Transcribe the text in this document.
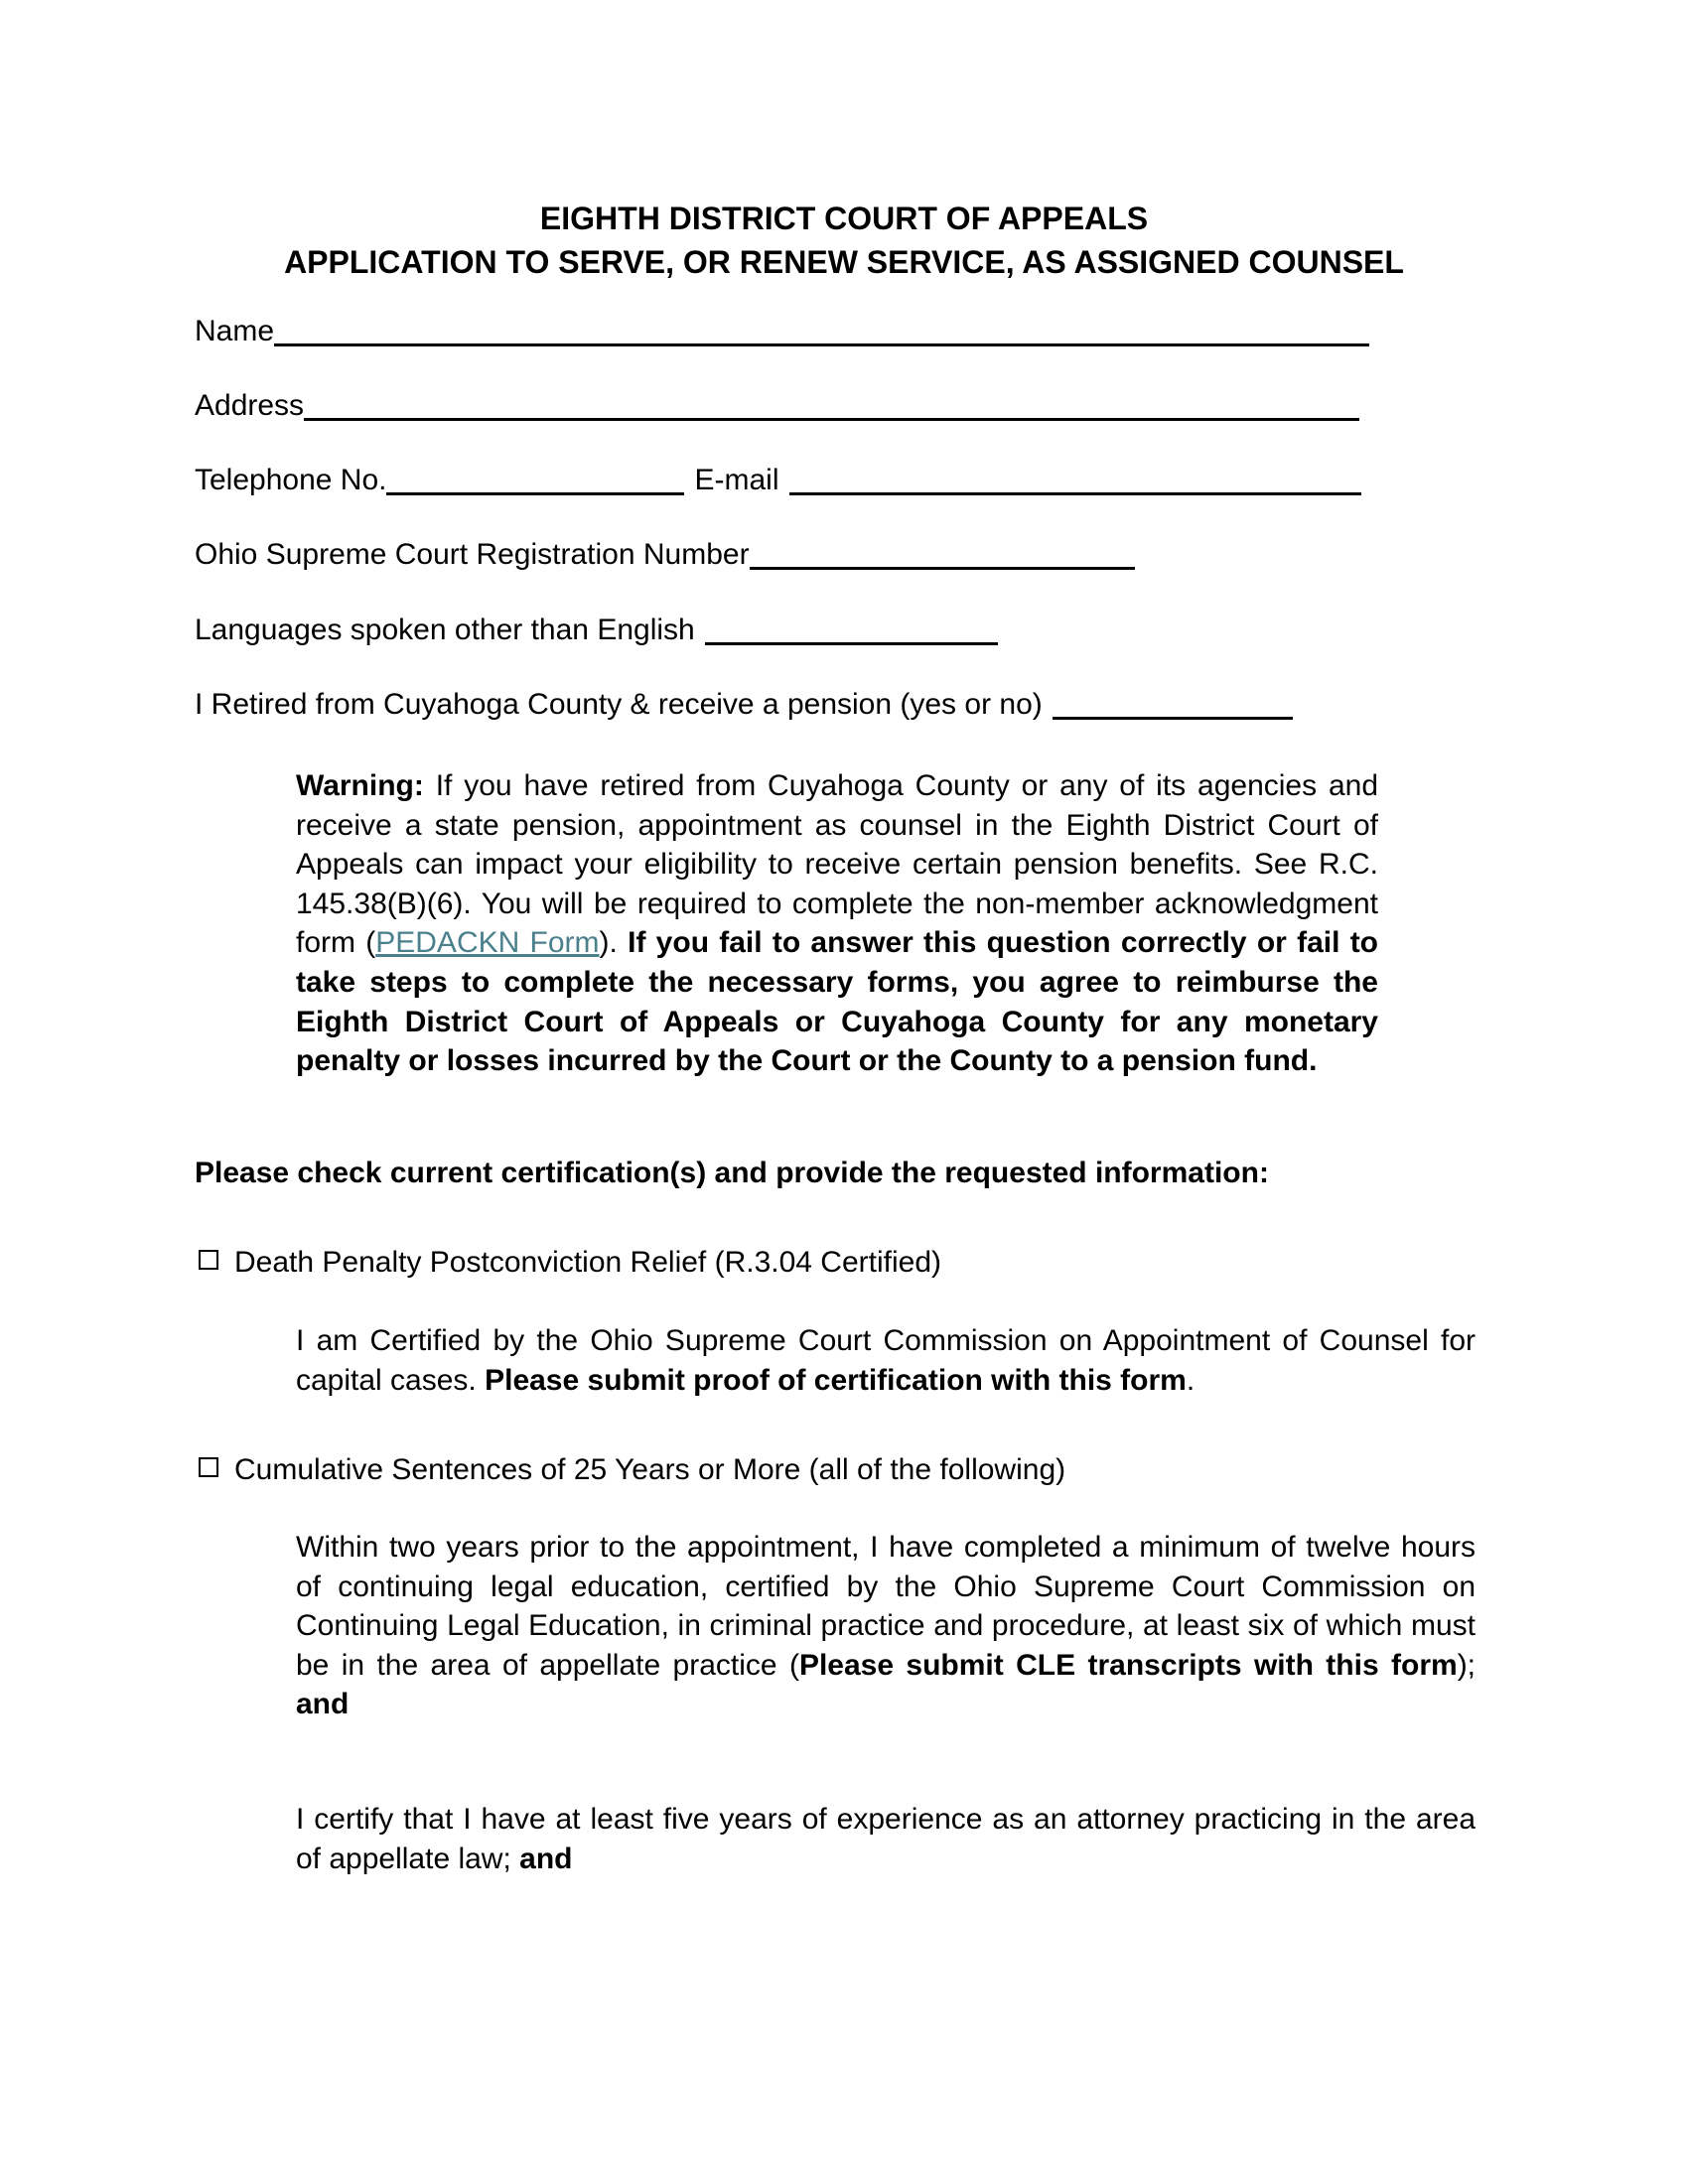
EIGHTH DISTRICT COURT OF APPEALS
APPLICATION TO SERVE, OR RENEW SERVICE, AS ASSIGNED COUNSEL
Name
Address
Telephone No.	E-mail
Ohio Supreme Court Registration Number
Languages spoken other than English
I Retired from Cuyahoga County & receive a pension (yes or no)
Warning: If you have retired from Cuyahoga County or any of its agencies and receive a state pension, appointment as counsel in the Eighth District Court of Appeals can impact your eligibility to receive certain pension benefits. See R.C. 145.38(B)(6). You will be required to complete the non-member acknowledgment form (PEDACKN Form). If you fail to answer this question correctly or fail to take steps to complete the necessary forms, you agree to reimburse the Eighth District Court of Appeals or Cuyahoga County for any monetary penalty or losses incurred by the Court or the County to a pension fund.
Please check current certification(s) and provide the requested information:
Death Penalty Postconviction Relief (R.3.04 Certified)
I am Certified by the Ohio Supreme Court Commission on Appointment of Counsel for capital cases. Please submit proof of certification with this form.
Cumulative Sentences of 25 Years or More (all of the following)
Within two years prior to the appointment, I have completed a minimum of twelve hours of continuing legal education, certified by the Ohio Supreme Court Commission on Continuing Legal Education, in criminal practice and procedure, at least six of which must be in the area of appellate practice (Please submit CLE transcripts with this form); and
I certify that I have at least five years of experience as an attorney practicing in the area of appellate law; and
